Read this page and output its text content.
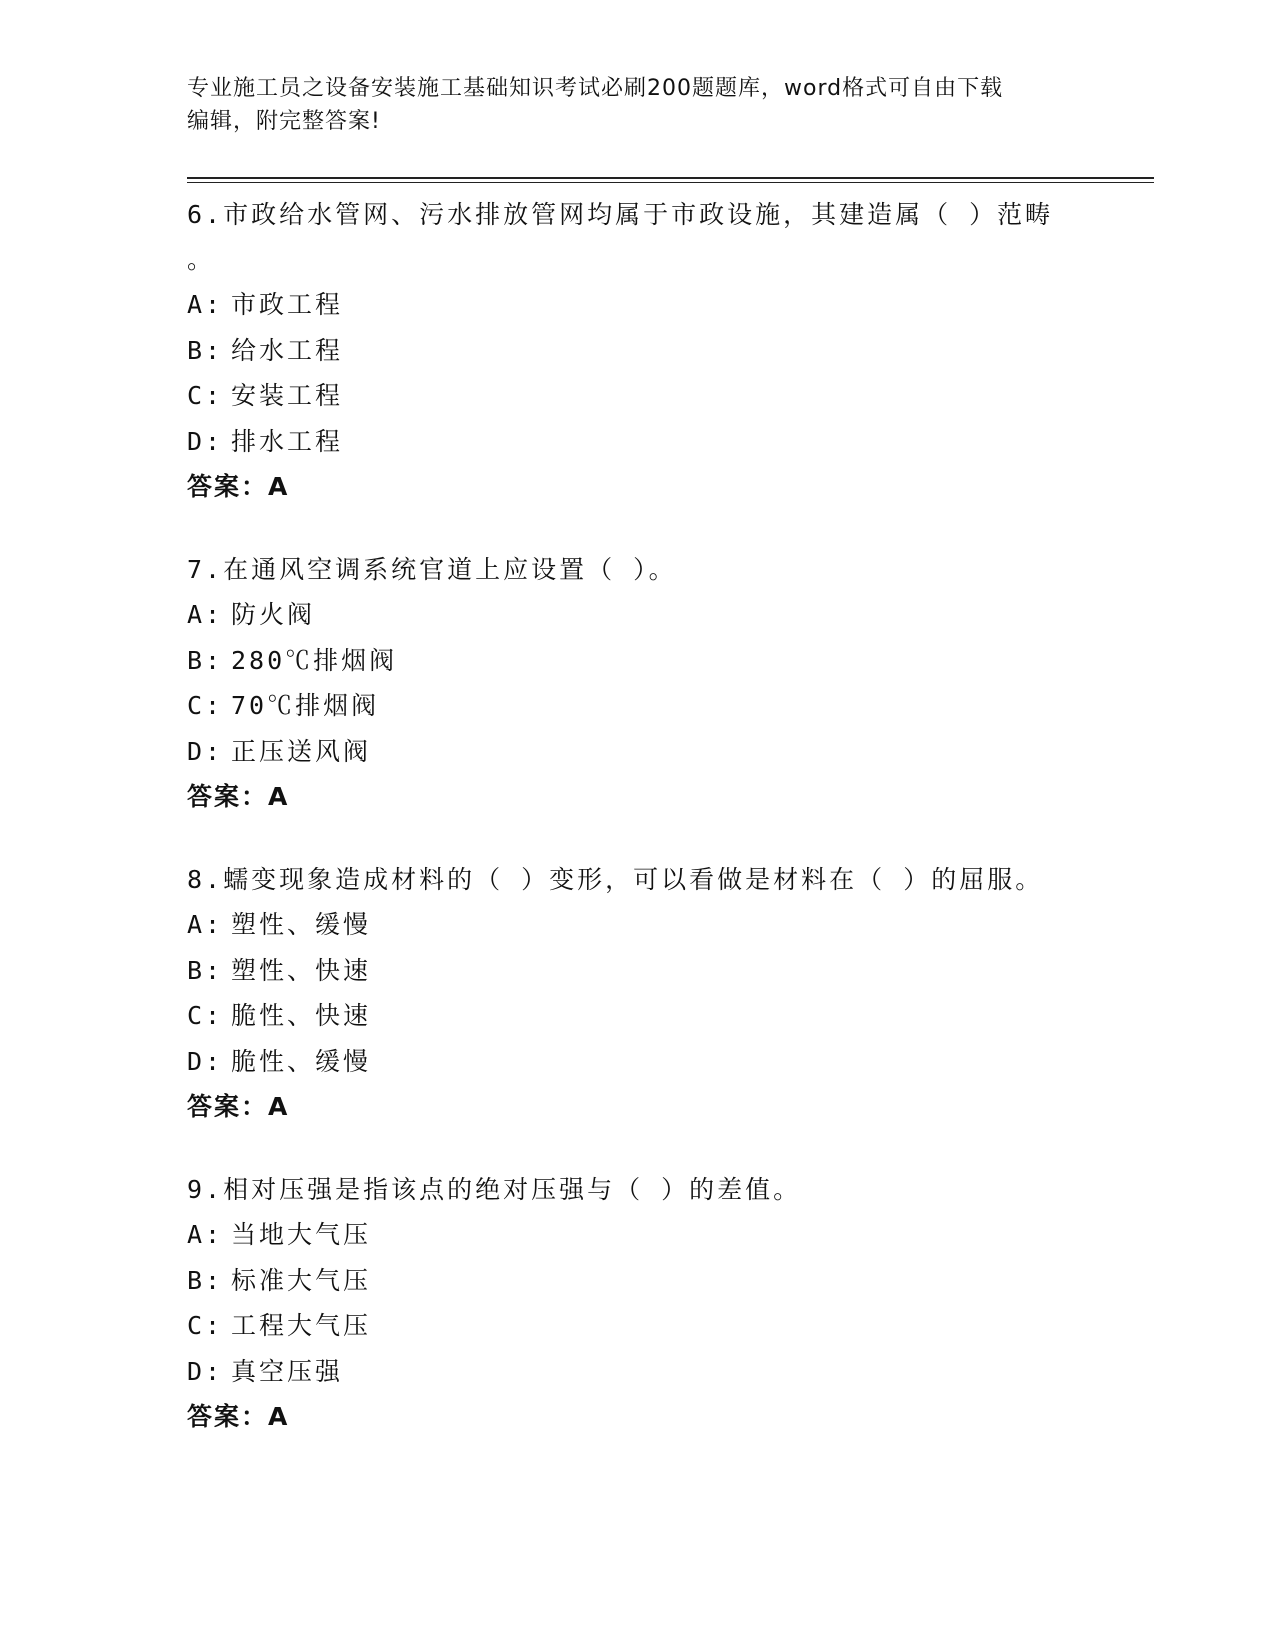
专业施工员之设备安装施工基础知识考试必刷200题题库，word格式可自由下载
编辑，附完整答案!

6.市政给水管网、污水排放管网均属于市政设施，其建造属（ ）范畴
。

A: 市政工程

B: 给水工程

C: 安装工程

D: 排水工程

答案：A

7.在通风空调系统官道上应设置（ ）。

A: 防火阀

B: 280℃排烟阀

C: 70℃排烟阀

D: 正压送风阀

答案：A

8.蠕变现象造成材料的（ ）变形，可以看做是材料在（ ）的屈服。

A: 塑性、缓慢

B: 塑性、快速

C: 脆性、快速

D: 脆性、缓慢

答案：A

9.相对压强是指该点的绝对压强与（ ）的差值。

A: 当地大气压

B: 标准大气压

C: 工程大气压

D: 真空压强

答案：A
